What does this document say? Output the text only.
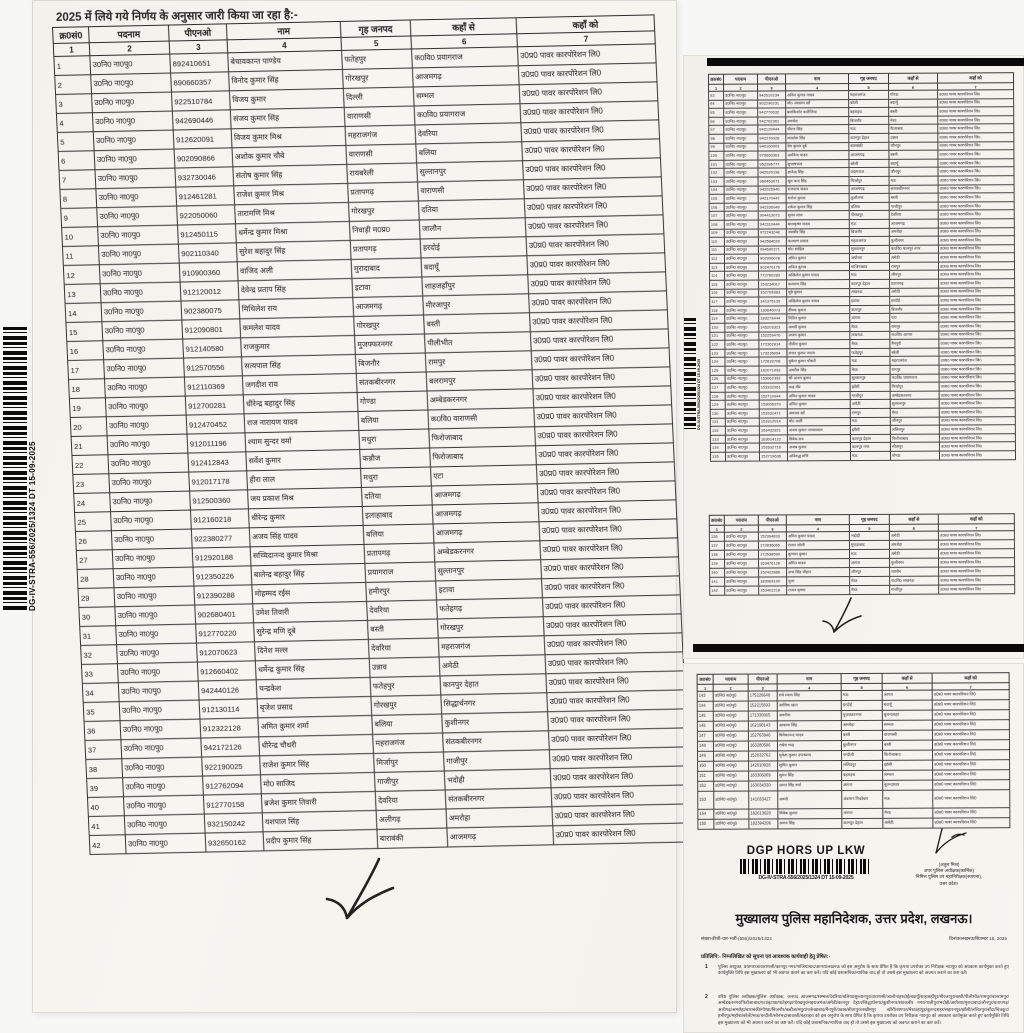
2025 में लिये गये निर्णय के अनुसार जारी किया जा रहा है:-
क्र0सं0	पदनाम	पीएनओ	नाम	गृह जनपद	कहाँ से	कहाँ को
1	2	3	4	5	6	7
1	उ0नि0 ना0पु0	892410651	बेचावकान्त पाण्डेय	फतेहपुर	क0वि0 प्रयागराज	उ0प्र0 पावर कारपोरेशन लि0
2	उ0नि0 ना0पु0	890660357	विनोद कुमार सिंह	गोरखपुर	आजमगढ़	उ0प्र0 पावर कारपोरेशन लि0
3	उ0नि0 ना0पु0	922510784	विजय कुमार	दिल्ली	सम्भल	उ0प्र0 पावर कारपोरेशन लि0
4	उ0नि0 ना0पु0	942690446	संजय कुमार सिंह	वाराणसी	क0वि0 प्रयागराज	उ0प्र0 पावर कारपोरेशन लि0
5	उ0नि0 ना0पु0	912620091	विजय कुमार मिश्र	महराजगंज	देवरिया	उ0प्र0 पावर कारपोरेशन लि0
6	उ0नि0 ना0पु0	902090866	अशोक कुमार चौबे	वाराणसी	बलिया	उ0प्र0 पावर कारपोरेशन लि0
7	उ0नि0 ना0पु0	932730046	संतोष कुमार सिंह	रायबरेली	सुल्तानपुर	उ0प्र0 पावर कारपोरेशन लि0
8	उ0नि0 ना0पु0	912461281	राजेश कुमार मिश्र	प्रतापगढ़	वाराणसी	उ0प्र0 पावर कारपोरेशन लि0
9	उ0नि0 ना0पु0	922050060	तारामणि मिश्र	गोरखपुर	दतिया	उ0प्र0 पावर कारपोरेशन लि0
10	उ0नि0 ना0पु0	912450115	धर्मेन्द्र कुमार मिश्रा	निवाड़ी म0प्र0	जालौन	उ0प्र0 पावर कारपोरेशन लि0
11	उ0नि0 ना0पु0	902110340	सुरेश बहादुर सिंह	प्रतापगढ़	हरदोई	उ0प्र0 पावर कारपोरेशन लि0
12	उ0नि0 ना0पु0	910900360	वाजिद अली	मुरादाबाद	बदायूँ	उ0प्र0 पावर कारपोरेशन लि0
13	उ0नि0 ना0पु0	912120012	देवेन्द्र प्रताप सिंह	इटावा	शाहजहाँपुर	उ0प्र0 पावर कारपोरेशन लि0
14	उ0नि0 ना0पु0	902380075	मिथिलेश राय	आजमगढ़	मीरजापुर	उ0प्र0 पावर कारपोरेशन लि0
15	उ0नि0 ना0पु0	912090801	कमलेश यादव	गोरखपुर	बस्ती	उ0प्र0 पावर कारपोरेशन लि0
16	उ0नि0 ना0पु0	912140580	राजकुमार	मुजफ्फरनगर	पीलीभीत	उ0प्र0 पावर कारपोरेशन लि0
17	उ0नि0 ना0पु0	912570556	सत्यपाल सिंह	बिजनौर	रामपुर	उ0प्र0 पावर कारपोरेशन लि0
18	उ0नि0 ना0पु0	912110369	जगदीश राय	संतकबीरनगर	बलरामपुर	उ0प्र0 पावर कारपोरेशन लि0
19	उ0नि0 ना0पु0	912700281	धीरेन्द्र बहादुर सिंह	गोण्डा	अम्बेडकरनगर	उ0प्र0 पावर कारपोरेशन लि0
20	उ0नि0 ना0पु0	912470452	राज नारायण यादव	बलिया	क0वि0 वाराणसी	उ0प्र0 पावर कारपोरेशन लि0
21	उ0नि0 ना0पु0	912011196	श्याम सुन्दर वर्मा	मथुरा	फिरोजाबाद	उ0प्र0 पावर कारपोरेशन लि0
22	उ0नि0 ना0पु0	912412843	सर्वेश कुमार	कन्नौज	फिरोजाबाद	उ0प्र0 पावर कारपोरेशन लि0
23	उ0नि0 ना0पु0	912017178	हीरा लाल	मथुरा	एटा	उ0प्र0 पावर कारपोरेशन लि0
24	उ0नि0 ना0पु0	912500360	जय प्रकाश मिश्र	दतिया	आजमगढ़	उ0प्र0 पावर कारपोरेशन लि0
25	उ0नि0 ना0पु0	912160218	धीरेन्द्र कुमार	इलाहाबाद	आजमगढ़	उ0प्र0 पावर कारपोरेशन लि0
26	उ0नि0 ना0पु0	922380277	अजय सिंह यादव	बलिया	आजमगढ़	उ0प्र0 पावर कारपोरेशन लि0
27	उ0नि0 ना0पु0	912920188	सच्चिदानन्द कुमार मिश्रा	प्रतापगढ़	अम्बेडकरनगर	उ0प्र0 पावर कारपोरेशन लि0
28	उ0नि0 ना0पु0	912350226	बालेन्द्र बहादुर सिंह	प्रयागराज	सुल्तानपुर	उ0प्र0 पावर कारपोरेशन लि0
29	उ0नि0 ना0पु0	912390288	मोहम्मद रईस	हमीरपुर	इटावा	उ0प्र0 पावर कारपोरेशन लि0
30	उ0नि0 ना0पु0	902680401	उमेश तिवारी	देवरिया	फतेहगढ़	उ0प्र0 पावर कारपोरेशन लि0
31	उ0नि0 ना0पु0	912770220	सुरेन्द्र मणि दूबे	बस्ती	गोरखपुर	उ0प्र0 पावर कारपोरेशन लि0
32	उ0नि0 ना0पु0	912070623	दिनेश मल्ल	देवरिया	महराजगंज	उ0प्र0 पावर कारपोरेशन लि0
33	उ0नि0 ना0पु0	912660402	धर्मेन्द्र कुमार सिंह	उन्नाव	अमेठी	उ0प्र0 पावर कारपोरेशन लि0
34	उ0नि0 ना0पु0	942440126	चन्द्रकेश	फतेहपुर	कानपुर देहात	उ0प्र0 पावर कारपोरेशन लि0
35	उ0नि0 ना0पु0	912130114	बृजेश प्रसाद	गोरखपुर	सिद्धार्थनगर	उ0प्र0 पावर कारपोरेशन लि0
36	उ0नि0 ना0पु0	912322128	अमित कुमार शर्मा	बलिया	कुशीनगर	उ0प्र0 पावर कारपोरेशन लि0
37	उ0नि0 ना0पु0	942172126	धीरेन्द्र चौधरी	महराजगंज	संतकबीरनगर	उ0प्र0 पावर कारपोरेशन लि0
38	उ0नि0 ना0पु0	922190025	राजेश कुमार सिंह	मिर्जापुर	गाजीपुर	उ0प्र0 पावर कारपोरेशन लि0
39	उ0नि0 ना0पु0	912762094	मो0 साजिद	गाजीपुर	भदोही	उ0प्र0 पावर कारपोरेशन लि0
40	उ0नि0 ना0पु0	912770158	ब्रजेश कुमार तिवारी	देवरिया	संतकबीरनगर	उ0प्र0 पावर कारपोरेशन लि0
41	उ0नि0 ना0पु0	932150242	यशपाल सिंह	अलीगढ़	अमरोहा	उ0प्र0 पावर कारपोरेशन लि0
42	उ0नि0 ना0पु0	932650162	प्रदीप कुमार सिंह	बाराबंकी	आजमगढ़	उ0प्र0 पावर कारपोरेशन लि0
DG-IV-STRA-556/2025/1324 DT 15-09-2025
क्र0सं0	पदनाम	पीएनओ	नाम	गृह जनपद	कहाँ से	कहाँ को
1	2	3	4	5	6	7
93	उ0नि0 ना0पु0	942610234	अनिल कुमार यादव	महराजगंज	गोण्डा	उ0प्र0 पावर कारपोरेशन लि0
94	उ0नि0 ना0पु0	902290231	मो0 असलम खाँ	बरेली	बदायूँ	उ0प्र0 पावर कारपोरेशन लि0
95	उ0नि0 ना0पु0	942770632	ब्रजकिशोर कनौजिया	बहराइच	बस्ती	उ0प्र0 पावर कारपोरेशन लि0
96	उ0नि0 ना0पु0	942762361	अवधेश	बिजनौर	मेरठ	उ0प्र0 पावर कारपोरेशन लि0
97	उ0नि0 ना0पु0	942120444	धीरज सिंह	मऊ	फैजाबाद	उ0प्र0 पावर कारपोरेशन लि0
98	उ0नि0 ना0पु0	942270028	कमलेश सिंह	कानपुर देहात	उन्नाव	उ0प्र0 पावर कारपोरेशन लि0
99	उ0नि0 ना0पु0	940160003	प्रेम कुमार दूबे	बाराबंकी	जौनपुर	उ0प्र0 पावर कारपोरेशन लि0
100	उ0नि0 ना0पु0	970660363	अरविन्द यादव	आजमगढ़	बस्ती	उ0प्र0 पावर कारपोरेशन लि0
101	उ0नि0 ना0पु0	952286777	सुभाषचन्द	बरेली	बदायूँ	उ0प्र0 पावर कारपोरेशन लि0
102	उ0नि0 ना0पु0	942020198	ज्ञानेन्द्र सिंह	प्रयागराज	जौनपुर	उ0प्र0 पावर कारपोरेशन लि0
103	उ0नि0 ना0पु0	960463071	मूल चन्द सिंह	मिर्जापुर	मऊ	उ0प्र0 पावर कारपोरेशन लि0
104	उ0नि0 ना0पु0	942026940	राजनाथ यादव	आजमगढ़	संतकबीरनगर	उ0प्र0 पावर कारपोरेशन लि0
105	उ0नि0 ना0पु0	942170447	मनोज कुमार	कुशीनगर	बस्ती	उ0प्र0 पावर कारपोरेशन लि0
106	उ0नि0 ना0पु0	942336049	राकेश कुमार सिंह	बलिया	गाजीपुर	उ0प्र0 पावर कारपोरेशन लि0
107	उ0नि0 ना0पु0	904413073	सुमन लाल	गोरखपुर	देवरिया	उ0प्र0 पावर कारपोरेशन लि0
108	उ0नि0 ना0पु0	942310444	बालकृष्ण यादव	मऊ	आजमगढ़	उ0प्र0 पावर कारपोरेशन लि0
109	उ0नि0 ना0पु0	972243248	जसवीर सिंह	बिजनौर	अमरोहा	उ0प्र0 पावर कारपोरेशन लि0
110	उ0नि0 ना0पु0	942584629	कल्याण प्रसाद	महराजगंज	कुशीनगर	उ0प्र0 पावर कारपोरेशन लि0
111	उ0नि0 ना0पु0	994600371	मो0 साहिल	सुल्तानपुर	क0वि0 कानपुर नगर	उ0प्र0 पावर कारपोरेशन लि0
112	उ0नि0 ना0पु0	902900078	अमित कुमार	अयोध्या	अमेठी	उ0प्र0 पावर कारपोरेशन लि0
113	उ0नि0 ना0पु0	902470176	अनिल कुमार	गाजियाबाद	रामपुर	उ0प्र0 पावर कारपोरेशन लि0
114	उ0नि0 ना0पु0	772760283	अखिलेश कुमार यादव	मऊ	जौनपुर	उ0प्र0 पावर कारपोरेशन लि0
115	उ0नि0 ना0पु0	153234017	कल्याण सिंह	कानपुर देहात	प्रतापगढ़	उ0प्र0 पावर कारपोरेशन लि0
116	उ0नि0 ना0पु0	152709383	मुन्ने कुमार	लखनऊ	अमेठी	उ0प्र0 पावर कारपोरेशन लि0
117	उ0नि0 ना0पु0	141375139	अखिलेश कुमार यादव	इटावा	हरदोई	उ0प्र0 पावर कारपोरेशन लि0
118	उ0नि0 ना0पु0	130640073	दीपक कुमार	कानपुर	बिजनौर	उ0प्र0 पावर कारपोरेशन लि0
119	उ0नि0 ना0पु0	183279444	नितिन कुमार	आगरा	एटा	उ0प्र0 पावर कारपोरेशन लि0
120	उ0नि0 ना0पु0	145203323	अवधी कुमार	मेरठ	रामपुर	उ0प्र0 पावर कारपोरेशन लि0
121	उ0नि0 ना0पु0	152259476	अजय कुमार	लखनऊ	क0वि0 आगरा	उ0प्र0 पावर कारपोरेशन लि0
122	उ0नि0 ना0पु0	172362814	नीतीश कुमार	मेरठ	मैनपुरी	उ0प्र0 पावर कारपोरेशन लि0
123	उ0नि0 ना0पु0	173235094	राजन कुमार जाटव	फतेहपुर	बरेली	उ0प्र0 पावर कारपोरेशन लि0
124	उ0नि0 ना0पु0	172632708	मुकेश कुमार चौधरी	मऊ	महराजगंज	उ0प्र0 पावर कारपोरेशन लि0
125	उ0नि0 ना0पु0	162071092	अमरीश सिंह	मेरठ	रामपुर	उ0प्र0 पावर कारपोरेशन लि0
126	उ0नि0 ना0पु0	153062392	श्री अजय कुमार	सुल्तानपुर	क0वि0 प्रयागराज	उ0प्र0 पावर कारपोरेशन लि0
127	उ0नि0 ना0पु0	153332961	चन्द्र वीर	झाँसी	मिर्जापुर	उ0प्र0 पावर कारपोरेशन लि0
128	उ0नि0 ना0पु0	152710944	अमित कुमार यादव	गाजीपुर	अम्बेडकरनगर	उ0प्र0 पावर कारपोरेशन लि0
129	उ0नि0 ना0पु0	153006979	अमित कुमार	अमेठी	सुल्तानपुर	उ0प्र0 पावर कारपोरेशन लि0
130	उ0नि0 ना0पु0	153332471	अमजद खाँ	रामपुर	मेरठ	उ0प्र0 पावर कारपोरेशन लि0
131	उ0नि0 ना0पु0	153312914	मो0 अली	मऊ	जौनपुर	उ0प्र0 पावर कारपोरेशन लि0
132	उ0नि0 ना0पु0	163432821	अजय कुमार जायसवाल	झाँसी	ललितपुर	उ0प्र0 पावर कारपोरेशन लि0
133	उ0नि0 ना0पु0	163014122	विवेक राव	कानपुर देहात	फिरोजाबाद	उ0प्र0 पावर कारपोरेशन लि0
134	उ0नि0 ना0पु0	152632718	अजब कुमार	कानपुर नगर	सीतापुर	उ0प्र0 पावर कारपोरेशन लि0
135	उ0नि0 ना0पु0	152719636	अनिरुद्ध मणि	मऊ	गोण्डा	उ0प्र0 पावर कारपोरेशन लि0
क्र0सं0	पदनाम	पीएनओ	नाम	गृह जनपद	कहाँ से	कहाँ को
1	2	3	4	5	6	7
136	उ0नि0 ना0पु0	152364833	अमित कुमार यादव	भदोही	अमेठी	उ0प्र0 पावर कारपोरेशन लि0
137	उ0नि0 ना0पु0	172836065	राजन जोशी	मुरादाबाद	अमरोहा	उ0प्र0 पावर कारपोरेशन लि0
138	उ0नि0 ना0पु0	172638590	कुणाल कुमार	मऊ	अमेठी	उ0प्र0 पावर कारपोरेशन लि0
139	उ0नि0 ना0पु0	163476128	अमित यादव	आगरा	कुशीनगर	उ0प्र0 पावर कारपोरेशन लि0
140	उ0नि0 ना0पु0	152422886	उमर सिंह चौहान	जौनपुर	जालौन	उ0प्र0 पावर कारपोरेशन लि0
141	उ0नि0 ना0पु0	183969190	पूजा	मेरठ	क0वि0 लखनऊ	उ0प्र0 पावर कारपोरेशन लि0
142	उ0नि0 ना0पु0	153402218	राजन कृष्णा	मेरठ	गाजीपुर	उ0प्र0 पावर कारपोरेशन लि0
DG-IV-STRA-556/2025/1324 DT 15-09-2025
क्र0सं0	पदनाम	पीएनओ	नाम	गृह जनपद	कहाँ से	कहाँ को
1	2	3	4	5	6	7
143	उ0नि0 ना0पु0	175226648	राधे श्याम सिंह	मऊ	आगरा	उ0प्र0 पावर कारपोरेशन लि0
144	उ0नि0 ना0पु0	152215693	आशिक खान	हरदोई	बदायूँ	उ0प्र0 पावर कारपोरेशन लि0
145	उ0नि0 ना0पु0	171330065	अवनीश	मुजफ्फरनगर	बुलन्दशहर	उ0प्र0 पावर कारपोरेशन लि0
146	उ0नि0 ना0पु0	162190143	आकाश सिंह	अमरोहा	सम्भल	उ0प्र0 पावर कारपोरेशन लि0
147	उ0नि0 ना0पु0	152763946	विवेकानन्द यादव	बस्ती	वाराणसी	उ0प्र0 पावर कारपोरेशन लि0
148	उ0नि0 ना0पु0	163280596	राधेश चन्द्र	कुशीनगर	बस्ती	उ0प्र0 पावर कारपोरेशन लि0
149	उ0नि0 ना0पु0	152032762	मुकेश कुमार उपाध्याय	चन्दौली	फिरोजाबाद	उ0प्र0 पावर कारपोरेशन लि0
150	उ0नि0 ना0पु0	142010928	सुमित कुमार	ललितपुर	झाँसी	उ0प्र0 पावर कारपोरेशन लि0
151	उ0नि0 ना0पु0	183306009	सुमन सिंह	बहराइच	सम्भल	उ0प्र0 पावर कारपोरेशन लि0
152	उ0नि0 ना0पु0	163034330	अमन सिंह वर्मा	आगरा	बुलन्दशहर	उ0प्र0 पावर कारपोरेशन लि0
153	उ0नि0 ना0पु0	141033427	अवनी	अंडमान निकोबार	मऊ	उ0प्र0 पावर कारपोरेशन लि0
154	उ0नि0 ना0पु0	182613620	विवेक कुमार	आगरा	मेरठ	उ0प्र0 पावर कारपोरेशन लि0
155	उ0नि0 ना0पु0	182394296	श्रवण सिंह	कानपुर देहात	अमेठी	उ0प्र0 पावर कारपोरेशन लि0
DGP HORS UP LKW
DG-IV-STRA-556/2025/1324 DT 15-09-2025
(अतुल मिश्र)
अपर पुलिस अधीक्षक(कार्मिक)
निमित्त पुलिस उप महानिरीक्षक(स्थापना),
उत्तर प्रदेश।
मुख्यालय पुलिस महानिदेशक, उत्तर प्रदेश, लखनऊ।
संख्या-डीजी-चार-भर्ती-(556)/2025/1324	दिनांकःलखनऊःसितम्बर 15, 2025
प्रतिलिपि:- निम्नलिखित को सूचना एवं आवश्यक कार्यवाही हेतु प्रेषित:-
1	पुलिस आयुक्त, प्रयागराज/वाराणसी/कानपुर नगर/गाजियाबाद/आगरा/लखनऊ को इस अनुरोध के साथ प्रेषित है कि कृपया उपरोक्त उप निरीक्षक ना0पु0 को अवकाश कार्यमुक्त करते हुए कार्यमुक्ति तिथि इस मुख्यालय को भी अवगत कराने का कष्ट करें। यदि कोई प्रशासनिक/न्यायिक वाद हो तो उससे इस मुख्यालय को अवगत कराने का कष्ट करें।
2	वरिष्ठ पुलिस अधीक्षक/पुलिस अधीक्षक, जनपद आजमगढ़/सम्भल/देवरिया/बलिया/सुल्तानपुर/वाराणसी/जालौन/हरदोई/बदायूँ/शाहजहाँपुर/मीरजापुर/बस्ती/पीलीभीत/रामपुर/बलरामपुर/अम्बेडकरनगर/फिरोजाबाद/एटा/इटावा/फतेहगढ़/गोरखपुर/महराजगंज/अमेठी/कानपुर देहात/सिद्धार्थनगर/कुशीनगर/संतकबीर नगर/गाजीपुर/भदोही/अयोध्या/मुरादाबाद/जौनपुर/प्रतापगढ़/अलीगढ़/अमरोहा/बाराबंकी/गोण्डा/बिजनौर/कन्नौज/मथुरा/फर्रुखाबाद/मैनपुरी/उन्नाव/सीतापुर/लखीमपुर खीरी/बागपत/मेरठ/हापुड़/बुलन्दशहर/सहारनपुर/झाँसी/ललितपुर/बाँदा/चित्रकूट/हमीरपुर/महोबा/बरेली/मऊ/चन्दौली/सोनभद्र/श्रावस्ती/बहराइच को इस अनुरोध के साथ प्रेषित है कि कृपया उपरोक्त उप निरीक्षक ना0पु0 को अवकाश कार्यमुक्त करते हुए कार्यमुक्ति तिथि इस मुख्यालय को भी अवगत कराने का कष्ट करें। यदि कोई प्रशासनिक/न्यायिक वाद हो तो उससे इस मुख्यालय को अवगत कराने का कष्ट करें।
